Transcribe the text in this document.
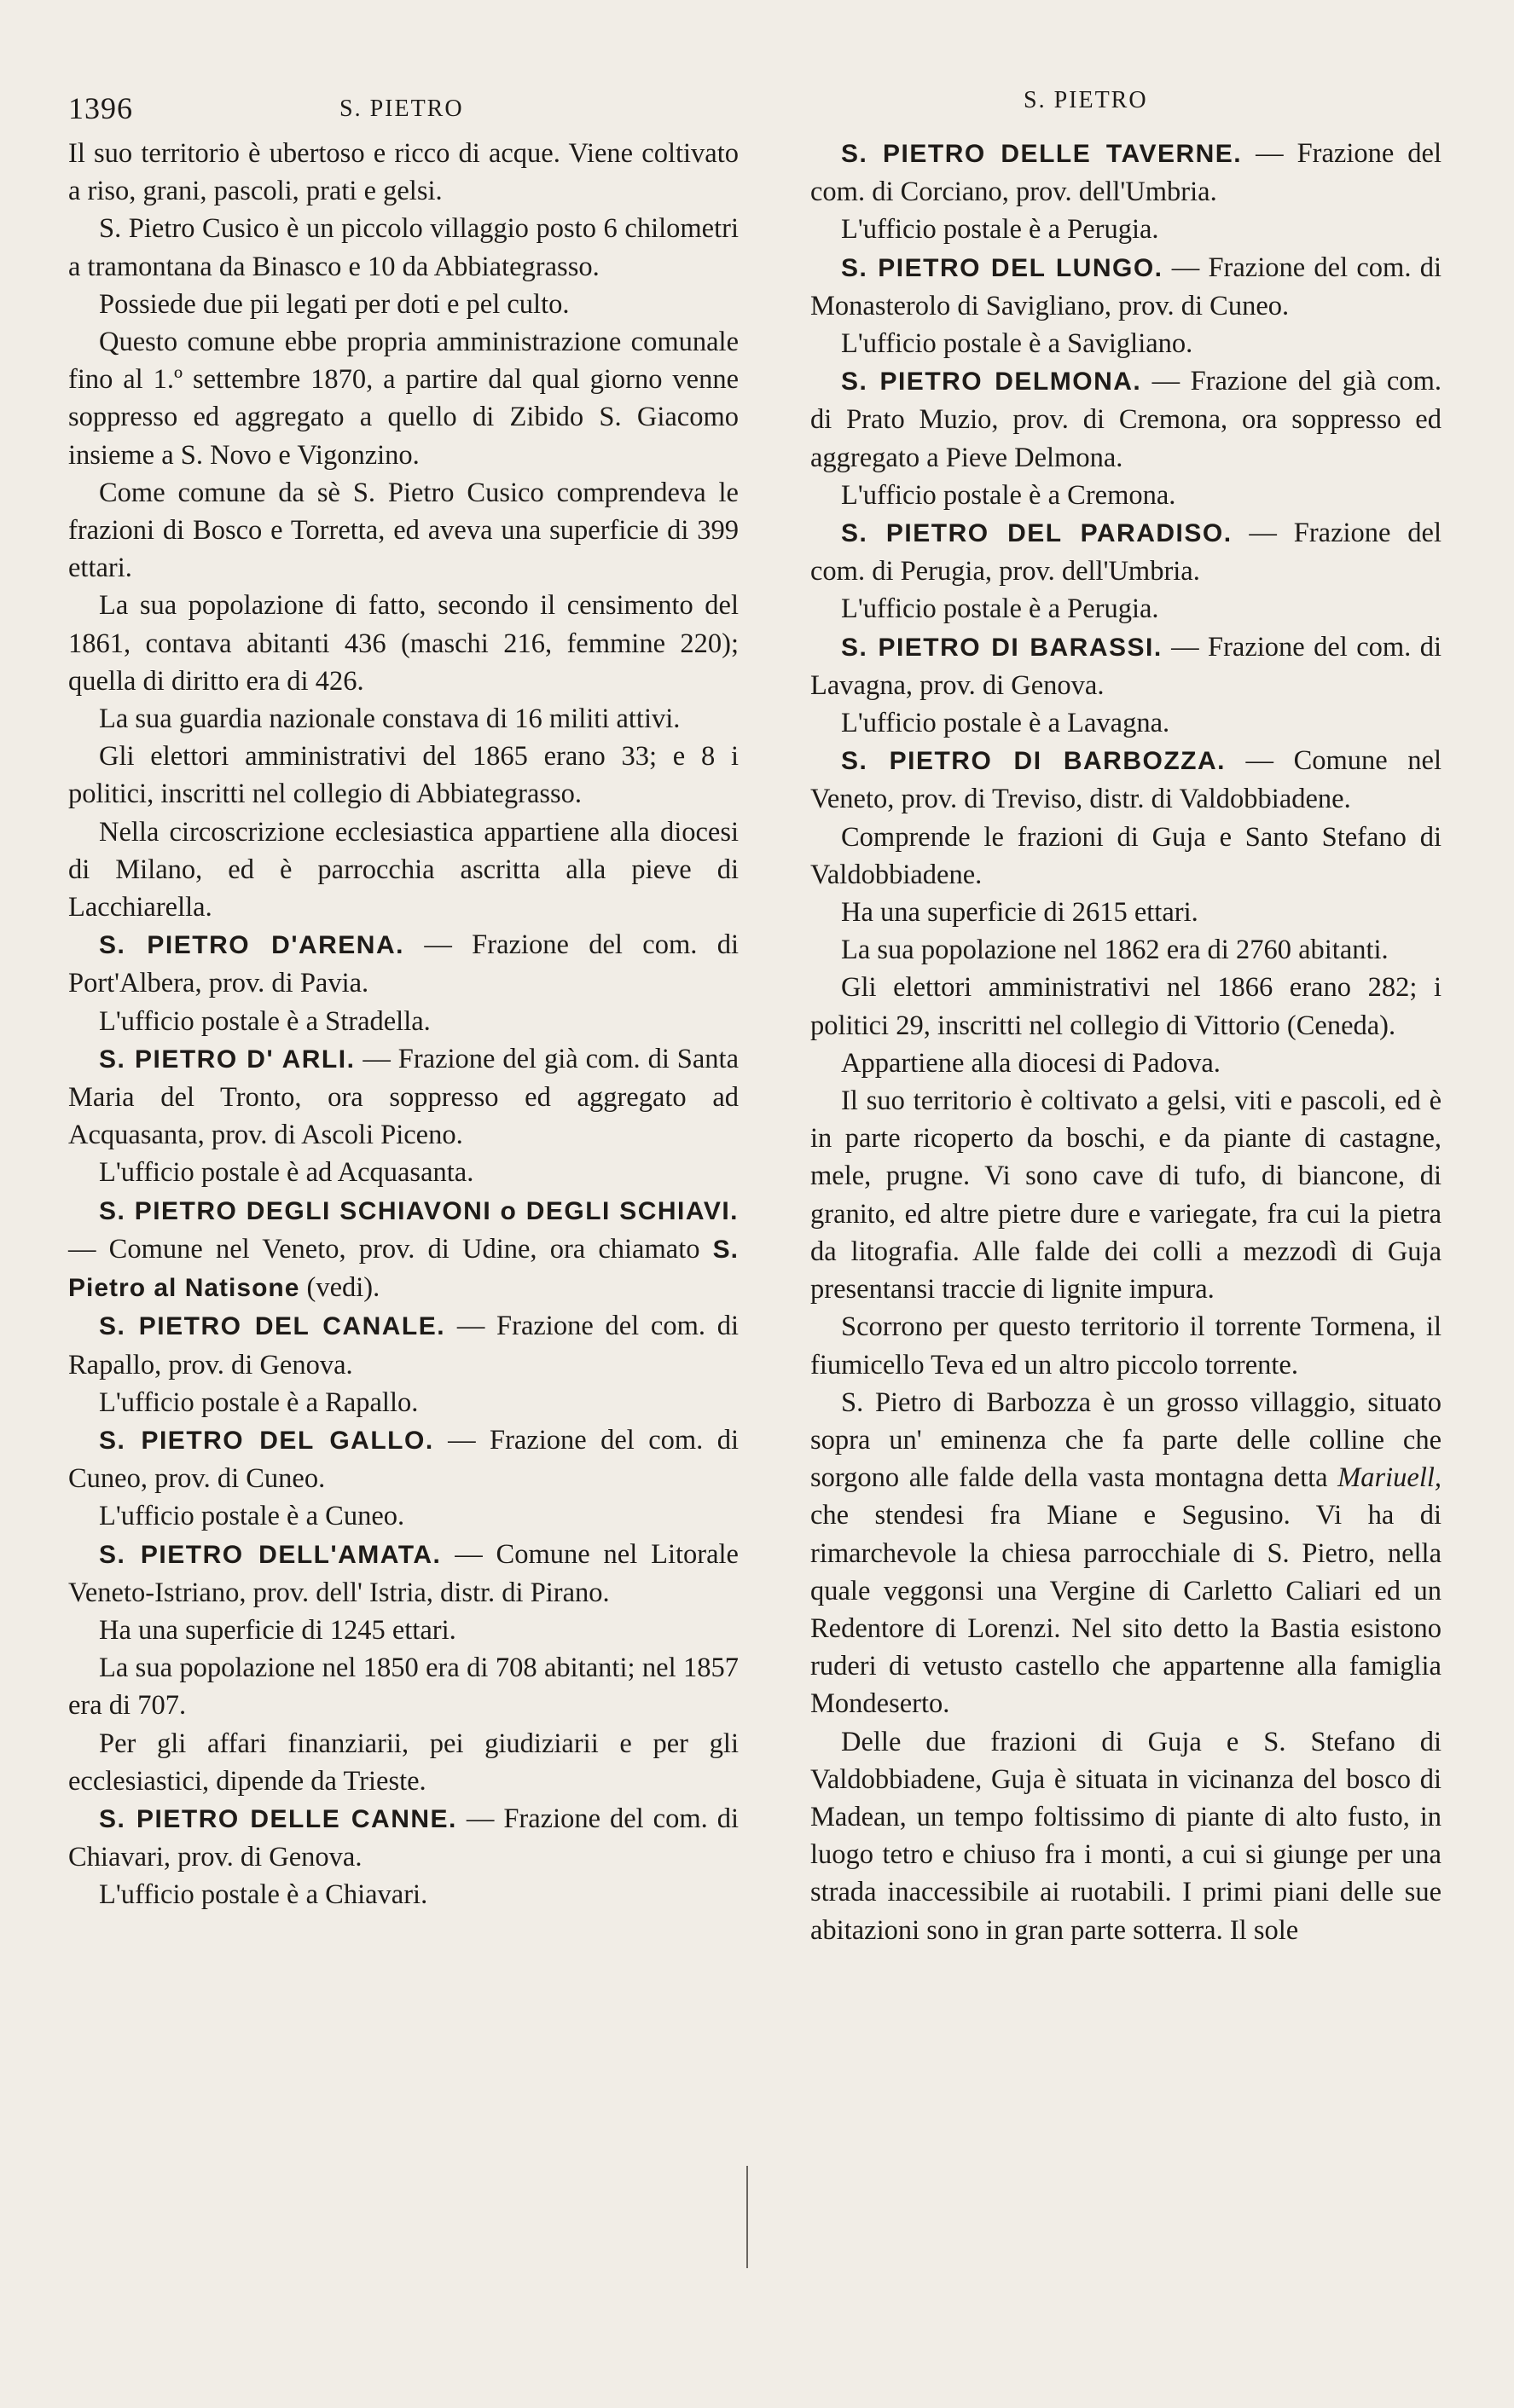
1396	S. PIETRO	S. PIETRO

Il suo territorio è ubertoso e ricco di acque. Viene coltivato a riso, grani, pascoli, prati e gelsi.

S. Pietro Cusico è un piccolo villaggio posto 6 chilometri a tramontana da Binasco e 10 da Abbiategrasso.

Possiede due pii legati per doti e pel culto.

Questo comune ebbe propria amministrazione comunale fino al 1.º settembre 1870, a partire dal qual giorno venne soppresso ed aggregato a quello di Zibido S. Giacomo insieme a S. Novo e Vigonzino.

Come comune da sè S. Pietro Cusico comprendeva le frazioni di Bosco e Torretta, ed aveva una superficie di 399 ettari.

La sua popolazione di fatto, secondo il censimento del 1861, contava abitanti 436 (maschi 216, femmine 220); quella di diritto era di 426.

La sua guardia nazionale constava di 16 militi attivi.

Gli elettori amministrativi del 1865 erano 33; e 8 i politici, inscritti nel collegio di Abbiategrasso.

Nella circoscrizione ecclesiastica appartiene alla diocesi di Milano, ed è parrocchia ascritta alla pieve di Lacchiarella.

S. PIETRO D'ARENA. — Frazione del com. di Port'Albera, prov. di Pavia.

L'ufficio postale è a Stradella.

S. PIETRO D' ARLI. — Frazione del già com. di Santa Maria del Tronto, ora soppresso ed aggregato ad Acquasanta, prov. di Ascoli Piceno.

L'ufficio postale è ad Acquasanta.

S. PIETRO DEGLI SCHIAVONI o DEGLI SCHIAVI. — Comune nel Veneto, prov. di Udine, ora chiamato S. Pietro al Natisone (vedi).

S. PIETRO DEL CANALE. — Frazione del com. di Rapallo, prov. di Genova.

L'ufficio postale è a Rapallo.

S. PIETRO DEL GALLO. — Frazione del com. di Cuneo, prov. di Cuneo.

L'ufficio postale è a Cuneo.

S. PIETRO DELL'AMATA. — Comune nel Litorale Veneto-Istriano, prov. dell' Istria, distr. di Pirano.

Ha una superficie di 1245 ettari.

La sua popolazione nel 1850 era di 708 abitanti; nel 1857 era di 707.

Per gli affari finanziarii, pei giudiziarii e per gli ecclesiastici, dipende da Trieste.

S. PIETRO DELLE CANNE. — Frazione del com. di Chiavari, prov. di Genova.

L'ufficio postale è a Chiavari.

S. PIETRO DELLE TAVERNE. — Frazione del com. di Corciano, prov. dell'Umbria.

L'ufficio postale è a Perugia.

S. PIETRO DEL LUNGO. — Frazione del com. di Monasterolo di Savigliano, prov. di Cuneo.

L'ufficio postale è a Savigliano.

S. PIETRO DELMONA. — Frazione del già com. di Prato Muzio, prov. di Cremona, ora soppresso ed aggregato a Pieve Delmona.

L'ufficio postale è a Cremona.

S. PIETRO DEL PARADISO. — Frazione del com. di Perugia, prov. dell'Umbria.

L'ufficio postale è a Perugia.

S. PIETRO DI BARASSI. — Frazione del com. di Lavagna, prov. di Genova.

L'ufficio postale è a Lavagna.

S. PIETRO DI BARBOZZA. — Comune nel Veneto, prov. di Treviso, distr. di Valdobbiadene.

Comprende le frazioni di Guja e Santo Stefano di Valdobbiadene.

Ha una superficie di 2615 ettari.

La sua popolazione nel 1862 era di 2760 abitanti.

Gli elettori amministrativi nel 1866 erano 282; i politici 29, inscritti nel collegio di Vittorio (Ceneda).

Appartiene alla diocesi di Padova.

Il suo territorio è coltivato a gelsi, viti e pascoli, ed è in parte ricoperto da boschi, e da piante di castagne, mele, prugne. Vi sono cave di tufo, di biancone, di granito, ed altre pietre dure e variegate, fra cui la pietra da litografia. Alle falde dei colli a mezzodì di Guja presentansi traccie di lignite impura.

Scorrono per questo territorio il torrente Tormena, il fiumicello Teva ed un altro piccolo torrente.

S. Pietro di Barbozza è un grosso villaggio, situato sopra un' eminenza che fa parte delle colline che sorgono alle falde della vasta montagna detta Mariuell, che stendesi fra Miane e Segusino. Vi ha di rimarchevole la chiesa parrocchiale di S. Pietro, nella quale veggonsi una Vergine di Carletto Caliari ed un Redentore di Lorenzi. Nel sito detto la Bastia esistono ruderi di vetusto castello che appartenne alla famiglia Mondeserto.

Delle due frazioni di Guja e S. Stefano di Valdobbiadene, Guja è situata in vicinanza del bosco di Madean, un tempo foltissimo di piante di alto fusto, in luogo tetro e chiuso fra i monti, a cui si giunge per una strada inaccessibile ai ruotabili. I primi piani delle sue abitazioni sono in gran parte sotterra. Il sole
